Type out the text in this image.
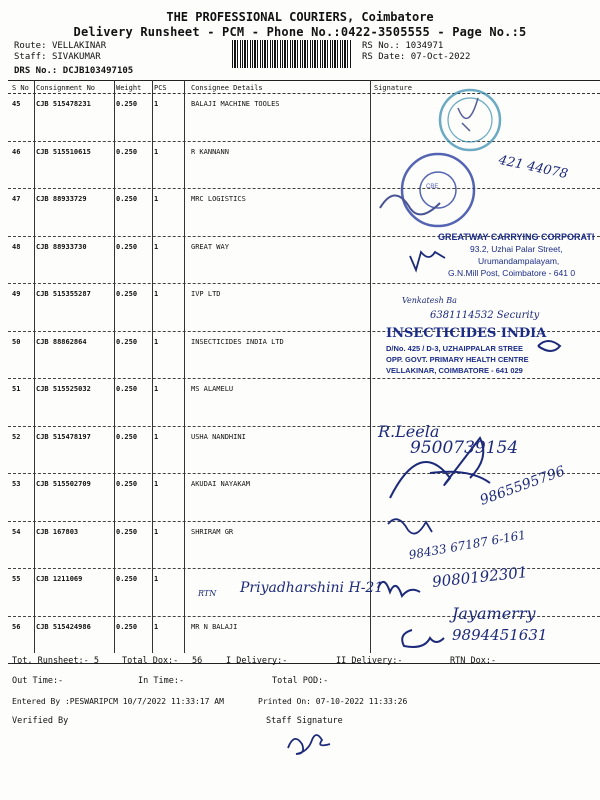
THE PROFESSIONAL COURIERS, Coimbatore
Delivery Runsheet - PCM - Phone No.:0422-3505555 - Page No.:5
Route: VELLAKINAR
Staff: SIVAKUMAR
DRS No.: DCJB103497105
RS No.: 1034971
RS Date: 07-Oct-2022
S No Consignment No	Weight PCS	Consignee Details	Signature
45 CJB 515478231	0.250 1	BALAJI MACHINE TOOLES
46 CJB 515510615	0.250 1	R KANNANN
47 CJB 88933729	0.250 1	MRC LOGISTICS
48 CJB 88933730	0.250 1	GREAT WAY
49 CJB 515355287	0.250 1	IVP LTD
50 CJB 88862864	0.250 1	INSECTICIDES INDIA LTD
51 CJB 515525032	0.250 1	MS ALAMELU
52 CJB 515478197	0.250 1	USHA NANDHINI
53 CJB 515502709	0.250 1	AKUDAI NAYAKAM
54 CJB 167803	0.250 1	SHRIRAM GR
55 CJB 1211069	0.250 1
56 CJB 515424986	0.250 1	MR N BALAJI
CBE
GREATWAY CARRYING CORPORATI
93.2, Uzhai Palar Street,
Urumandampalayam,
G.N.Mill Post, Coimbatore - 641 0
INSECTICIDES INDIA
D/No. 425 / D-3, UZHAIPPALAR STREE
OPP. GOVT. PRIMARY HEALTH CENTRE
VELLAKINAR, COIMBATORE - 641 029
421 44078
Venkatesh Ba
6381114532 Security
R.Leela
9500739154
9865595796
98433 67187 6-161
RTN Priyadharshini H-21	9080192301
Jayamerry
9894451631
Tot. Runsheet:- 5	Total Dox:- 56	I Delivery:-	II Delivery:-	RTN Dox:-
Out Time:-	In Time:-	Total POD:-
Entered By :PESWARIPCM 10/7/2022 11:33:17 AM	Printed On: 07-10-2022 11:33:26
Verified By	Staff Signature
